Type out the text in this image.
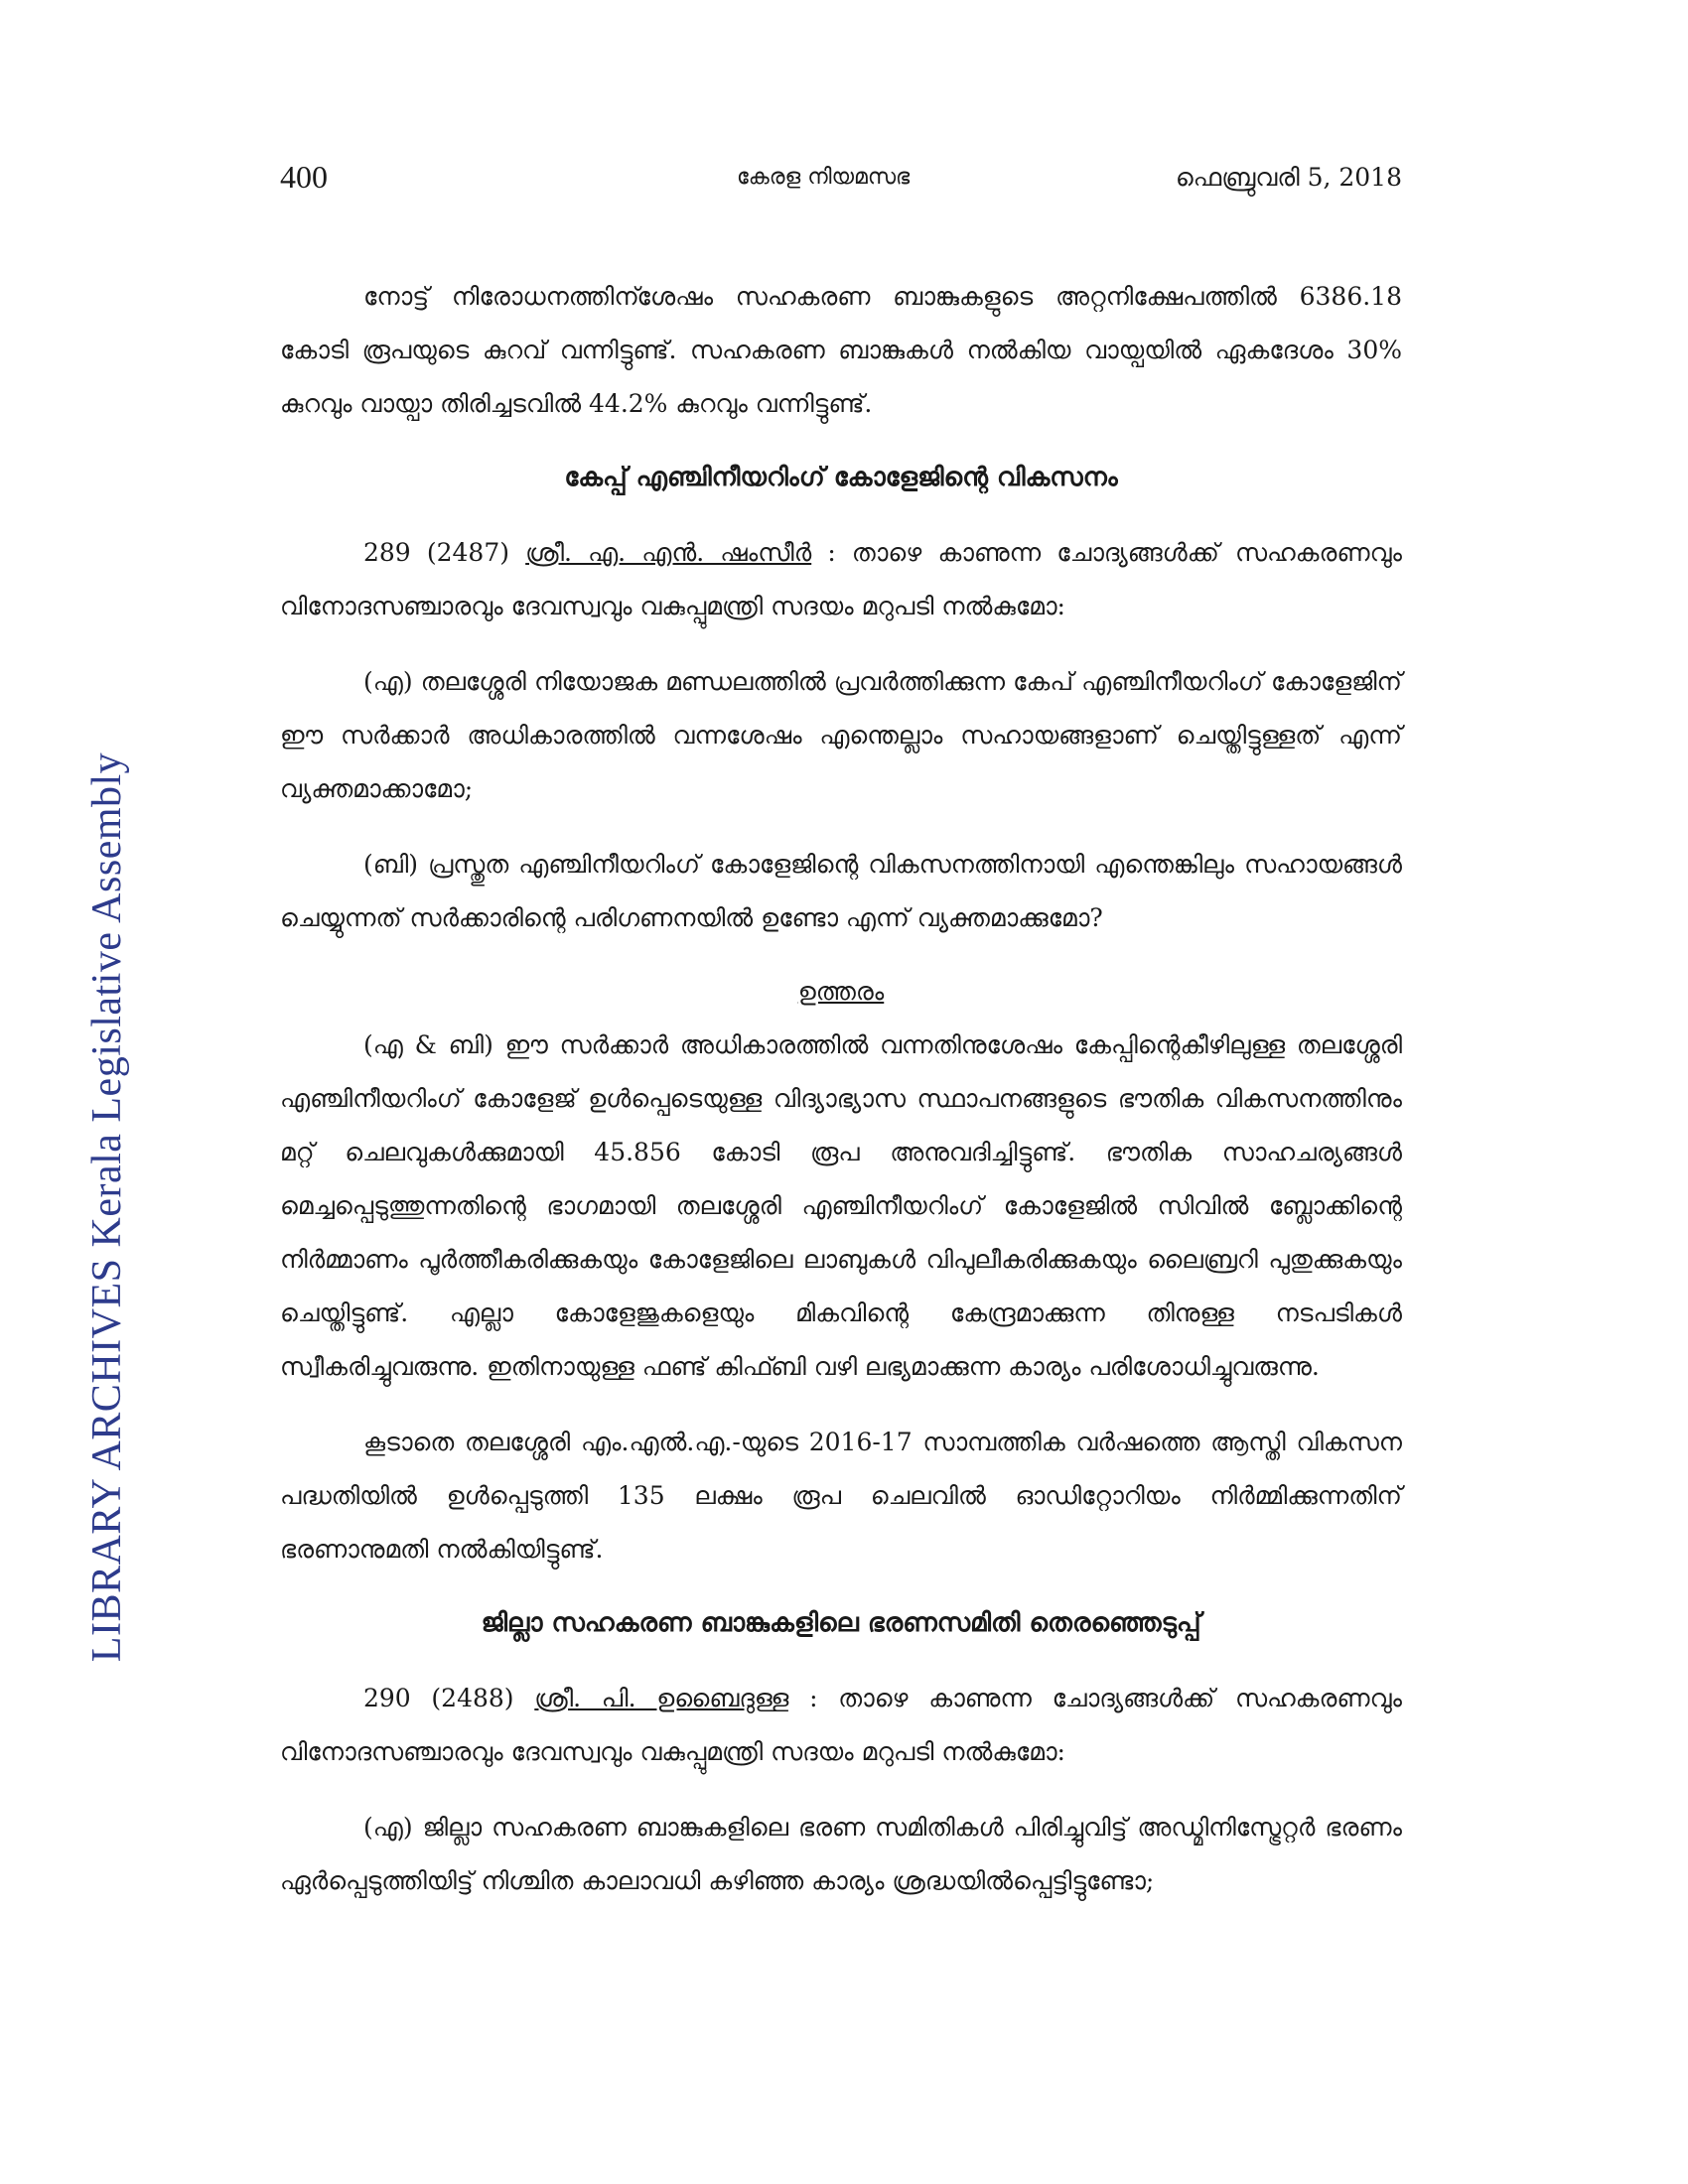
LIBRARY ARCHIVES Kerala Legislative Assembly
400	കേരള നിയമസഭ	ഫെബ്രുവരി 5, 2018

നോട്ട് നിരോധനത്തിന്ശേഷം സഹകരണ ബാങ്കുകളുടെ അറ്റനിക്ഷേപത്തിൽ 6386.18 കോടി രൂപയുടെ കുറവ് വന്നിട്ടുണ്ട്. സഹകരണ ബാങ്കുകൾ നൽകിയ വായ്പയിൽ ഏകദേശം 30% കുറവും വായ്പാ തിരിച്ചടവിൽ 44.2% കുറവും വന്നിട്ടുണ്ട്.

കേപ്പ് എഞ്ചിനീയറിംഗ് കോളേജിന്റെ വികസനം

289 (2487) ശ്രീ. എ. എൻ. ഷംസീർ : താഴെ കാണുന്ന ചോദ്യങ്ങൾക്ക് സഹകരണവും വിനോദസഞ്ചാരവും ദേവസ്വവും വകുപ്പുമന്ത്രി സദയം മറുപടി നൽകുമോ:

(എ) തലശ്ശേരി നിയോജക മണ്ഡലത്തിൽ പ്രവർത്തിക്കുന്ന കേപ് എഞ്ചിനീയറിംഗ് കോളേജിന് ഈ സർക്കാർ അധികാരത്തിൽ വന്നശേഷം എന്തെല്ലാം സഹായങ്ങളാണ് ചെയ്തിട്ടുള്ളത് എന്ന് വ്യക്തമാക്കാമോ;

(ബി) പ്രസ്തുത എഞ്ചിനീയറിംഗ് കോളേജിന്റെ വികസനത്തിനായി എന്തെങ്കിലും സഹായങ്ങൾ ചെയ്യുന്നത് സർക്കാരിന്റെ പരിഗണനയിൽ ഉണ്ടോ എന്ന് വ്യക്തമാക്കുമോ?

ഉത്തരം

(എ & ബി) ഈ സർക്കാർ അധികാരത്തിൽ വന്നതിനുശേഷം കേപ്പിന്റെകീഴിലുള്ള തലശ്ശേരി എഞ്ചിനീയറിംഗ് കോളേജ് ഉൾപ്പെടെയുള്ള വിദ്യാഭ്യാസ സ്ഥാപനങ്ങളുടെ ഭൗതിക വികസനത്തിനും മറ്റ് ചെലവുകൾക്കുമായി 45.856 കോടി രൂപ അനുവദിച്ചിട്ടുണ്ട്. ഭൗതിക സാഹചര്യങ്ങൾ മെച്ചപ്പെടുത്തുന്നതിന്റെ ഭാഗമായി തലശ്ശേരി എഞ്ചിനീയറിംഗ് കോളേജിൽ സിവിൽ ബ്ലോക്കിന്റെ നിർമ്മാണം പൂർത്തീകരിക്കുകയും കോളേജിലെ ലാബുകൾ വിപുലീകരിക്കുകയും ലൈബ്രറി പുതുക്കുകയും ചെയ്തിട്ടുണ്ട്. എല്ലാ കോളേജുകളെയും മികവിന്റെ കേന്ദ്രമാക്കുന്ന തിനുള്ള നടപടികൾ സ്വീകരിച്ചുവരുന്നു. ഇതിനായുള്ള ഫണ്ട് കിഫ്ബി വഴി ലഭ്യമാക്കുന്ന കാര്യം പരിശോധിച്ചുവരുന്നു.

കൂടാതെ തലശ്ശേരി എം.എൽ.എ.-യുടെ 2016-17 സാമ്പത്തിക വർഷത്തെ ആസ്തി വികസന പദ്ധതിയിൽ ഉൾപ്പെടുത്തി 135 ലക്ഷം രൂപ ചെലവിൽ ഓഡിറ്റോറിയം നിർമ്മിക്കുന്നതിന് ഭരണാനുമതി നൽകിയിട്ടുണ്ട്.

ജില്ലാ സഹകരണ ബാങ്കുകളിലെ ഭരണസമിതി തെരഞ്ഞെടുപ്പ്

290 (2488) ശ്രീ. പി. ഉബൈദുള്ള : താഴെ കാണുന്ന ചോദ്യങ്ങൾക്ക് സഹകരണവും വിനോദസഞ്ചാരവും ദേവസ്വവും വകുപ്പുമന്ത്രി സദയം മറുപടി നൽകുമോ:

(എ) ജില്ലാ സഹകരണ ബാങ്കുകളിലെ ഭരണ സമിതികൾ പിരിച്ചുവിട്ട് അഡ്മിനിസ്ട്രേറ്റർ ഭരണം ഏർപ്പെടുത്തിയിട്ട് നിശ്ചിത കാലാവധി കഴിഞ്ഞ കാര്യം ശ്രദ്ധയിൽപ്പെട്ടിട്ടുണ്ടോ;
